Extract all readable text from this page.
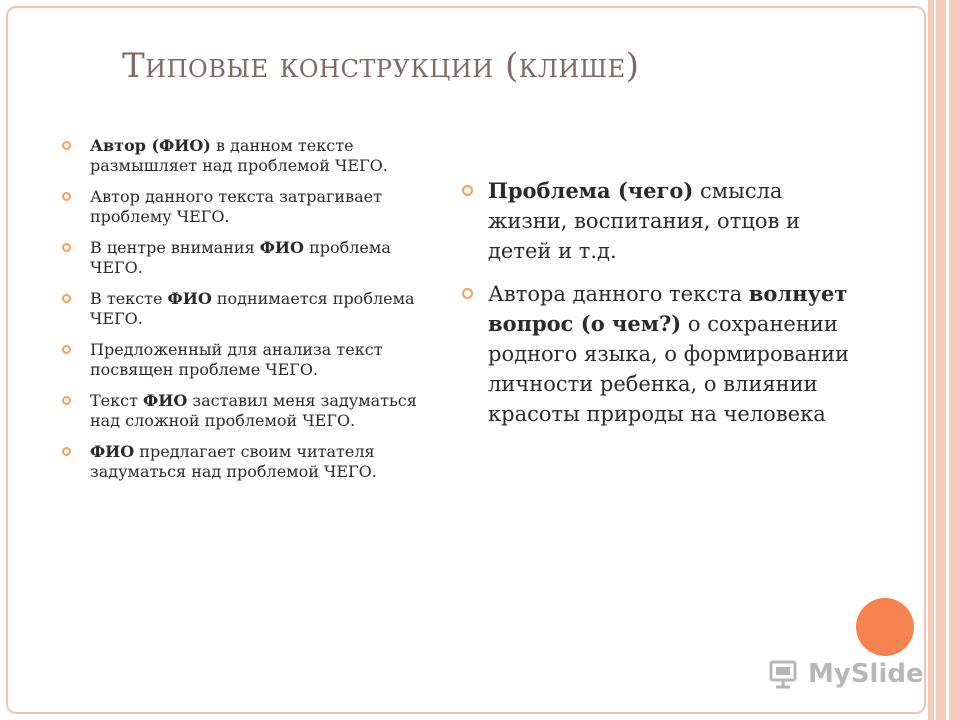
Типовые конструкции (клише)
Автор (ФИО) в данном тексте размышляет над проблемой ЧЕГО.
Автор данного текста затрагивает проблему ЧЕГО.
В центре внимания ФИО проблема ЧЕГО.
В тексте ФИО поднимается проблема ЧЕГО.
Предложенный для анализа текст посвящен проблеме ЧЕГО.
Текст ФИО заставил меня задуматься над сложной проблемой ЧЕГО.
ФИО предлагает своим читателя задуматься над проблемой ЧЕГО.
Проблема (чего) смысла жизни, воспитания, отцов и детей и т.д.
Автора данного текста волнует вопрос (о чем?) о сохранении родного языка, о формировании личности ребенка, о влиянии красоты природы на человека
MySlide
